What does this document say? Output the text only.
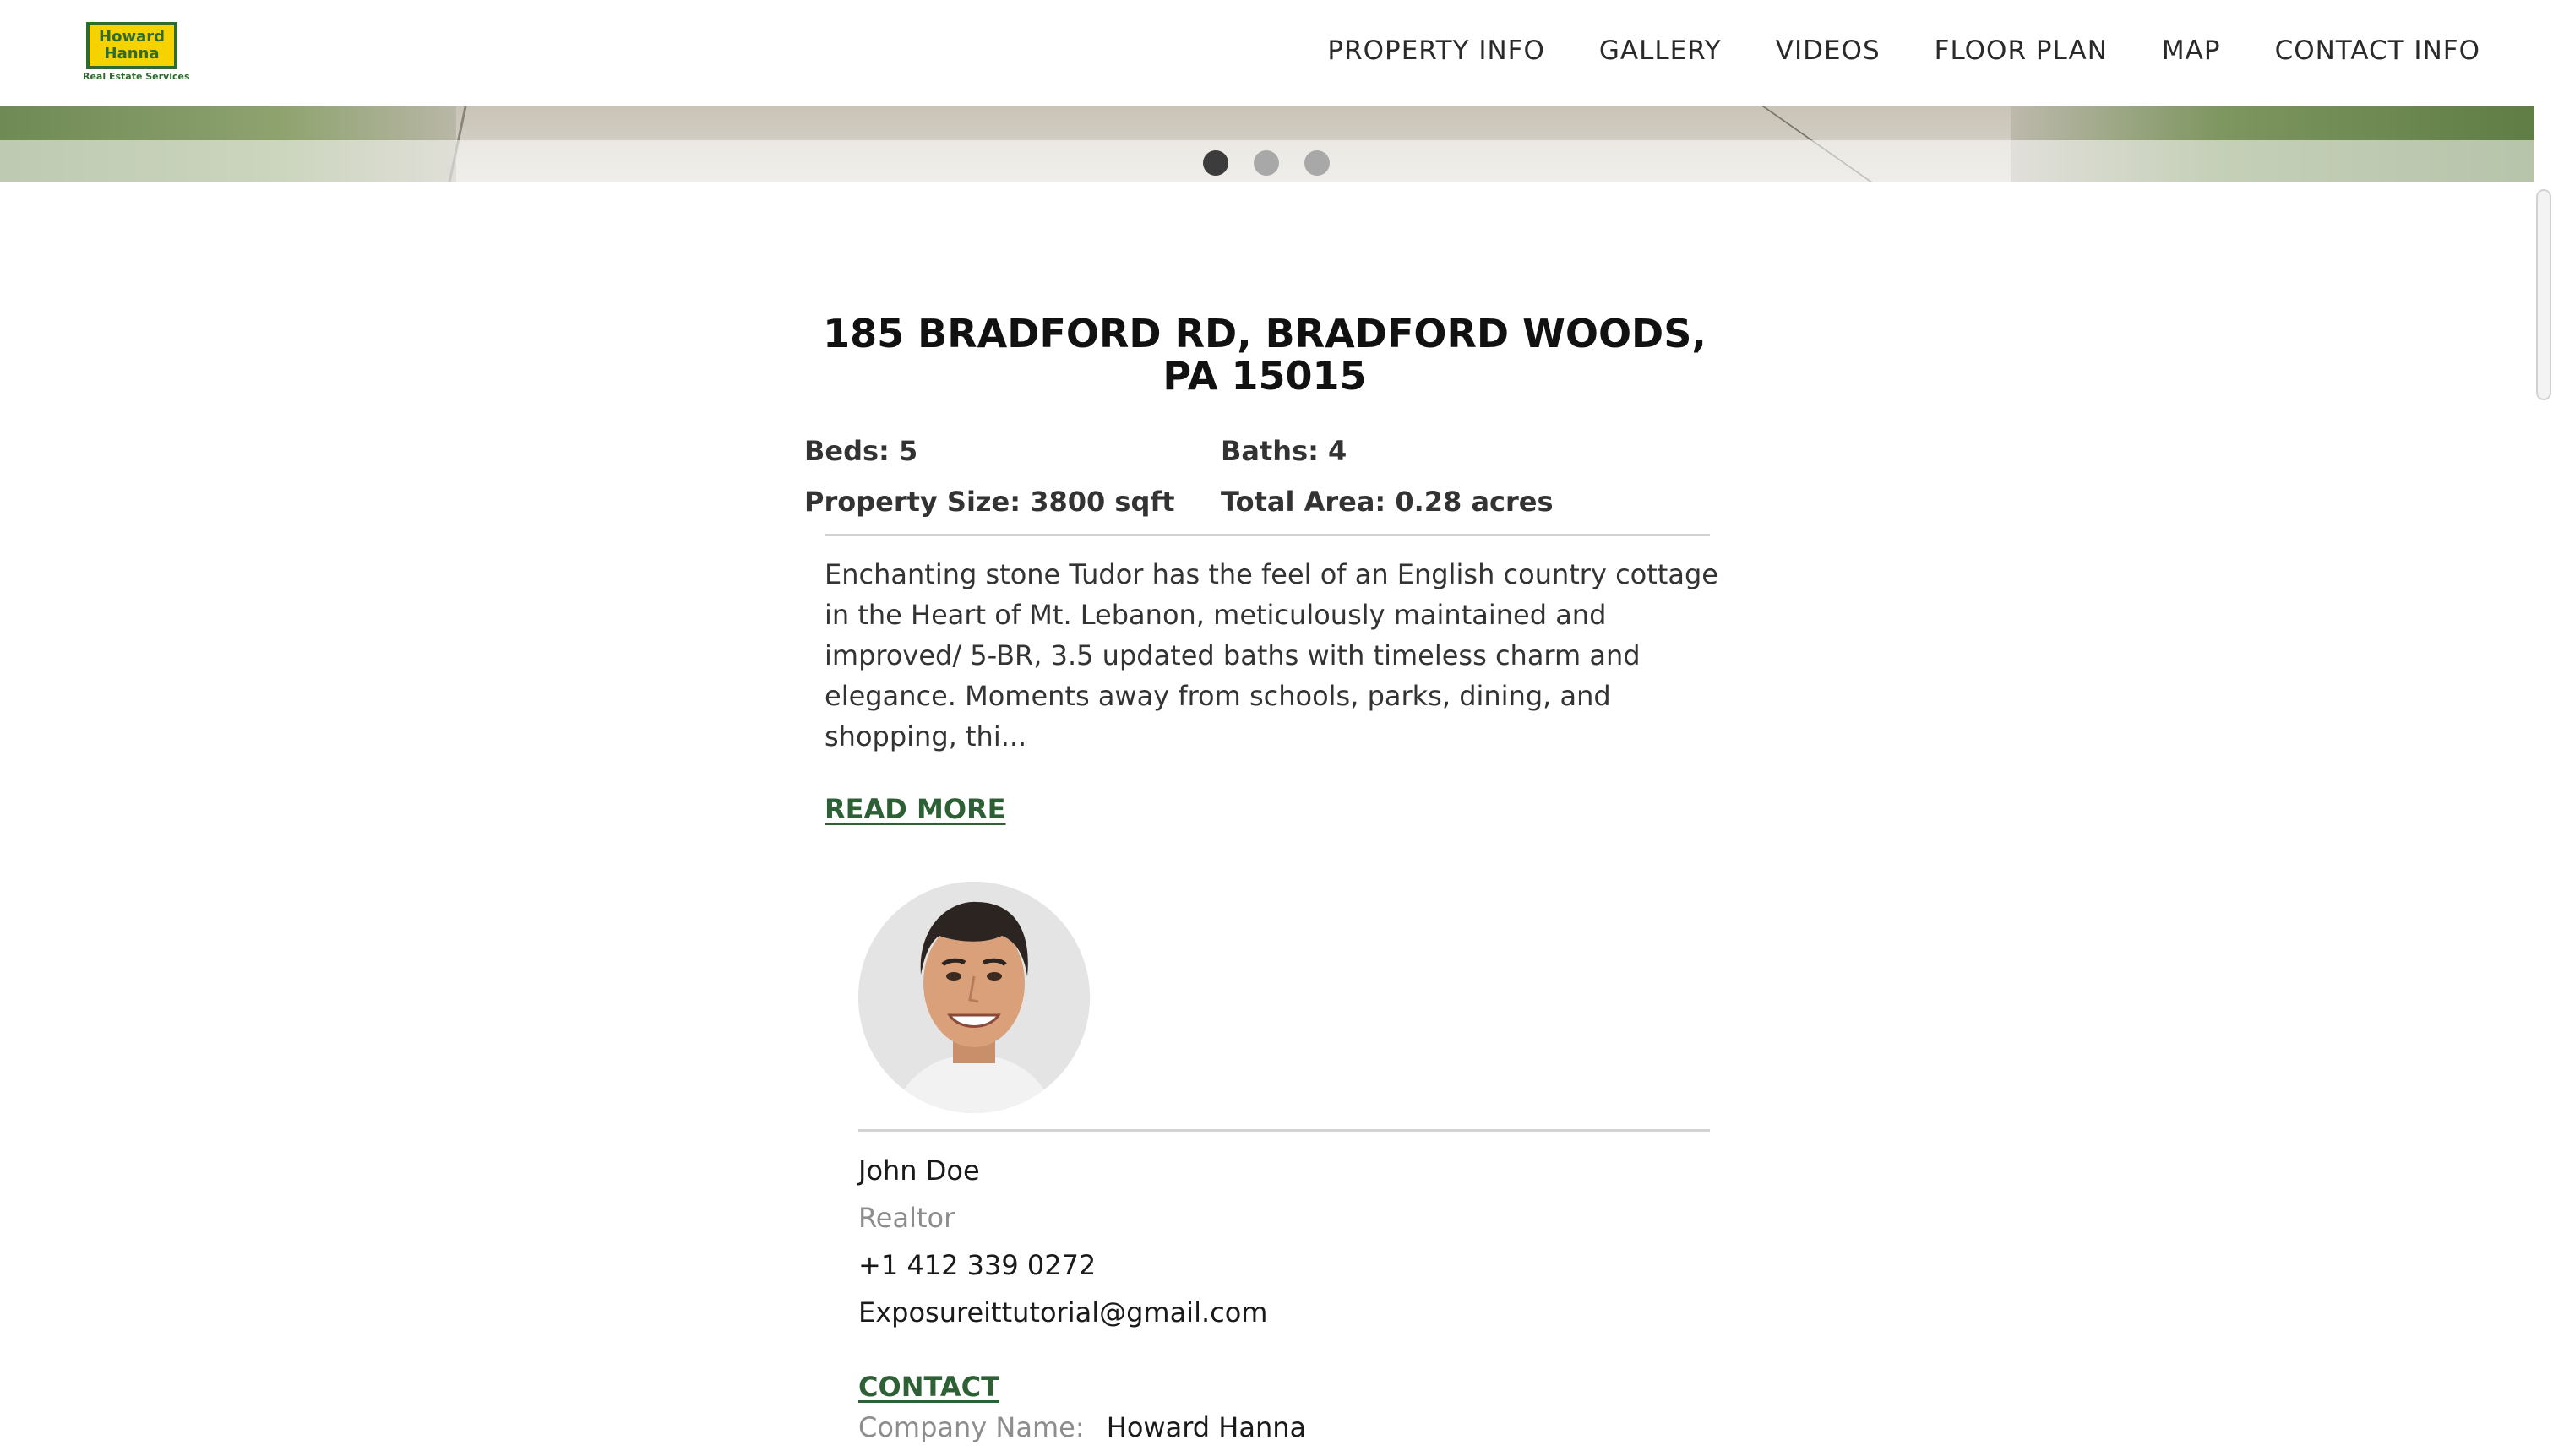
Howard
Hanna
Real Estate Services
PROPERTY INFO GALLERY VIDEOS FLOOR PLAN MAP CONTACT INFO
185 BRADFORD RD, BRADFORD WOODS, PA 15015
Beds: 5	Baths: 4
Property Size: 3800 sqft Total Area: 0.28 acres

Enchanting stone Tudor has the feel of an English country cottage in the Heart of Mt. Lebanon, meticulously maintained and improved/ 5-BR, 3.5 updated baths with timeless charm and elegance. Moments away from schools, parks, dining, and shopping, thi...

READ MORE
John Doe
Realtor
+1 412 339 0272
Exposureittutorial@gmail.com
CONTACT
Company Name: Howard Hanna
